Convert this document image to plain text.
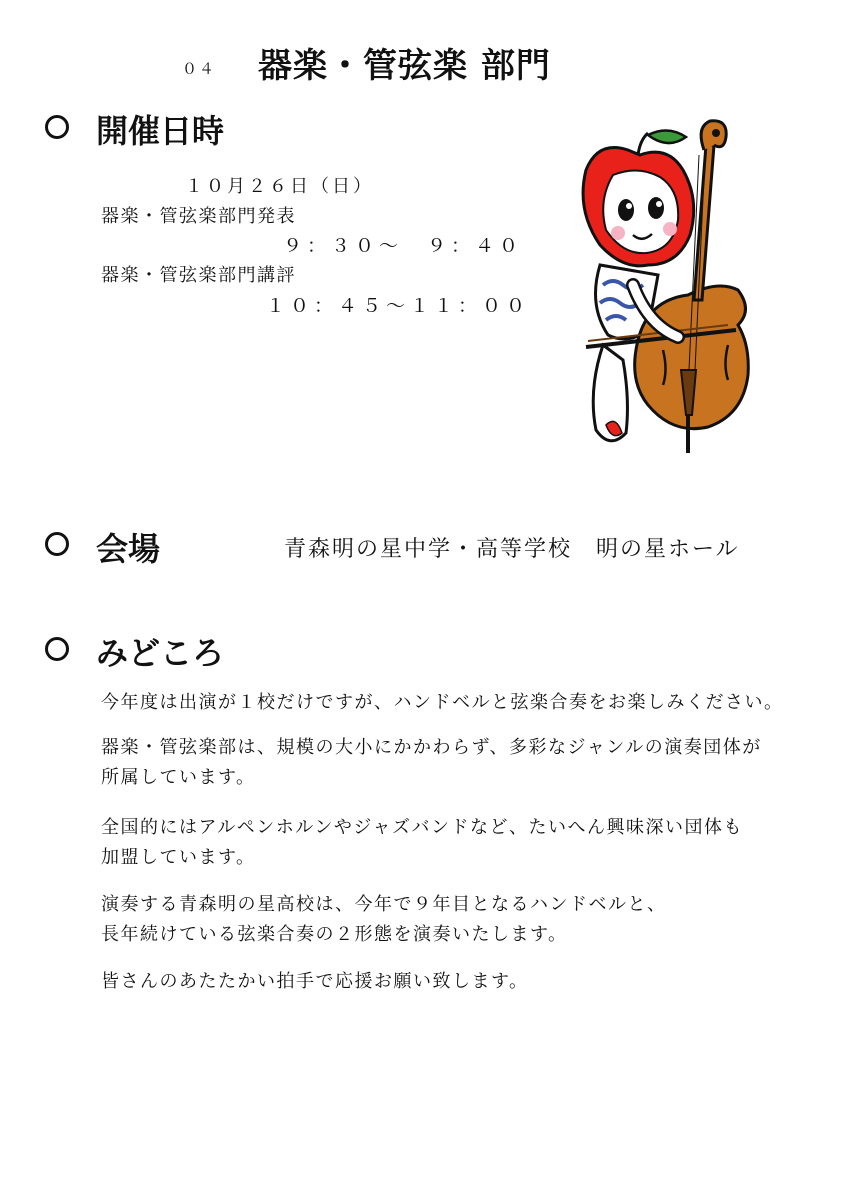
０４ 器楽・管弦楽 部門
開催日時
１０月２６日（日）
器楽・管弦楽部門発表
９：３０〜　９：４０
器楽・管弦楽部門講評
１０：４５〜１１：００
会場	青森明の星中学・高等学校　明の星ホール
みどころ
今年度は出演が１校だけですが、ハンドベルと弦楽合奏をお楽しみください。
器楽・管弦楽部は、規模の大小にかかわらず、多彩なジャンルの演奏団体が
所属しています。
全国的にはアルペンホルンやジャズバンドなど、たいへん興味深い団体も
加盟しています。
演奏する青森明の星高校は、今年で９年目となるハンドベルと、
長年続けている弦楽合奏の２形態を演奏いたします。
皆さんのあたたかい拍手で応援お願い致します。
